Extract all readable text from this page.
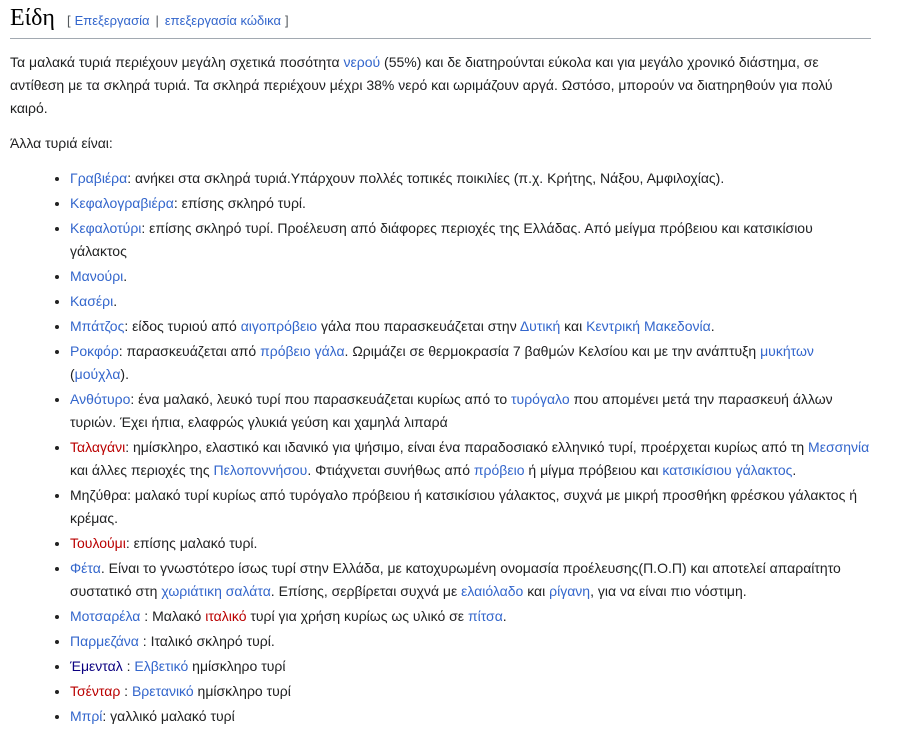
Είδη [ Επεξεργασία | επεξεργασία κώδικα ]

Τα μαλακά τυριά περιέχουν μεγάλη σχετικά ποσότητα νερού (55%) και δε διατηρούνται εύκολα και για μεγάλο χρονικό διάστημα, σε αντίθεση με τα σκληρά τυριά. Τα σκληρά περιέχουν μέχρι 38% νερό και ωριμάζουν αργά. Ωστόσο, μπορούν να διατηρηθούν για πολύ καιρό.

Άλλα τυριά είναι:

• Γραβιέρα: ανήκει στα σκληρά τυριά.Υπάρχουν πολλές τοπικές ποικιλίες (π.χ. Κρήτης, Νάξου, Αμφιλοχίας).
• Κεφαλογραβιέρα: επίσης σκληρό τυρί.
• Κεφαλοτύρι: επίσης σκληρό τυρί. Προέλευση από διάφορες περιοχές της Ελλάδας. Από μείγμα πρόβειου και κατσικίσιου γάλακτος
• Μανούρι.
• Κασέρι.
• Μπάτζος: είδος τυριού από αιγοπρόβειο γάλα που παρασκευάζεται στην Δυτική και Κεντρική Μακεδονία.
• Ροκφόρ: παρασκευάζεται από πρόβειο γάλα. Ωριμάζει σε θερμοκρασία 7 βαθμών Κελσίου και με την ανάπτυξη μυκήτων (μούχλα).
• Ανθότυρο: ένα μαλακό, λευκό τυρί που παρασκευάζεται κυρίως από το τυρόγαλο που απομένει μετά την παρασκευή άλλων τυριών. Έχει ήπια, ελαφρώς γλυκιά γεύση και χαμηλά λιπαρά
• Ταλαγάνι: ημίσκληρο, ελαστικό και ιδανικό για ψήσιμο, είναι ένα παραδοσιακό ελληνικό τυρί, προέρχεται κυρίως από τη Μεσσηνία και άλλες περιοχές της Πελοποννήσου. Φτιάχνεται συνήθως από πρόβειο ή μίγμα πρόβειου και κατσικίσιου γάλακτος.
• Μηζύθρα: μαλακό τυρί κυρίως από τυρόγαλο πρόβειου ή κατσικίσιου γάλακτος, συχνά με μικρή προσθήκη φρέσκου γάλακτος ή κρέμας.
• Τουλούμι: επίσης μαλακό τυρί.
• Φέτα. Είναι το γνωστότερο ίσως τυρί στην Ελλάδα, με κατοχυρωμένη ονομασία προέλευσης(Π.Ο.Π) και αποτελεί απαραίτητο συστατικό στη χωριάτικη σαλάτα. Επίσης, σερβίρεται συχνά με ελαιόλαδο και ρίγανη, για να είναι πιο νόστιμη.
• Μοτσαρέλα : Μαλακό ιταλικό τυρί για χρήση κυρίως ως υλικό σε πίτσα.
• Παρμεζάνα : Ιταλικό σκληρό τυρί.
• Έμενταλ : Ελβετικό ημίσκληρο τυρί
• Τσένταρ : Βρετανικό ημίσκληρο τυρί
• Μπρί: γαλλικό μαλακό τυρί
